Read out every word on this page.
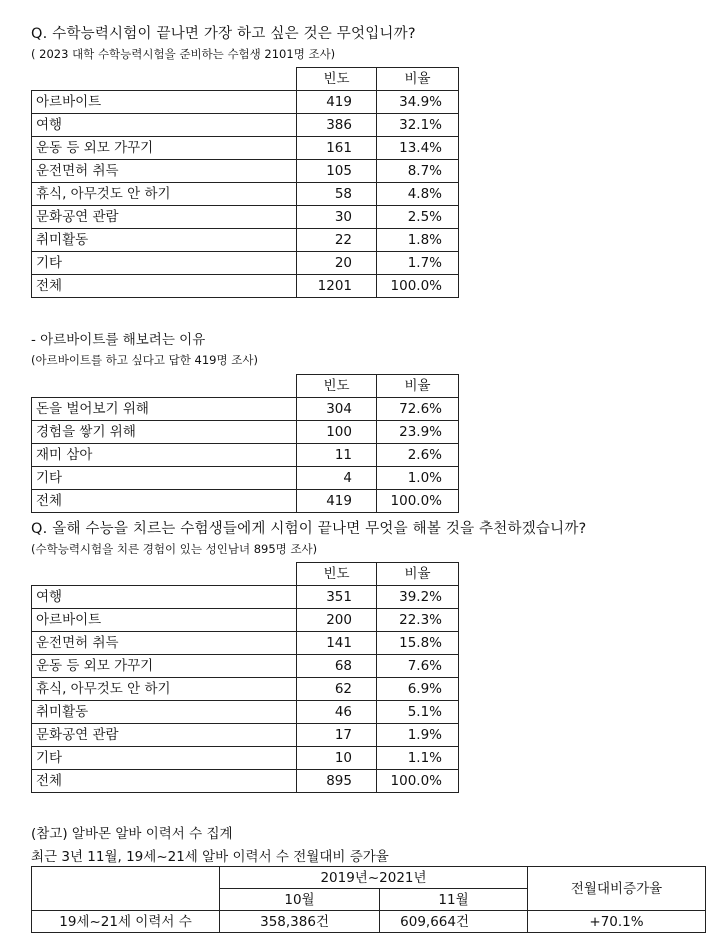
Q. 수학능력시험이 끝나면 가장 하고 싶은 것은 무엇입니까?
( 2023 대학 수학능력시험을 준비하는 수험생 2101명 조사)
	빈도	비율
아르바이트	419	34.9%
여행	386	32.1%
운동 등 외모 가꾸기	161	13.4%
운전면허 취득	105	8.7%
휴식, 아무것도 안 하기	58	4.8%
문화공연 관람	30	2.5%
취미활동	22	1.8%
기타	20	1.7%
전체	1201	100.0%
- 아르바이트를 해보려는 이유
(아르바이트를 하고 싶다고 답한 419명 조사)
	빈도	비율
돈을 벌어보기 위해	304	72.6%
경험을 쌓기 위해	100	23.9%
재미 삼아	11	2.6%
기타	4	1.0%
전체	419	100.0%
Q. 올해 수능을 치르는 수험생들에게 시험이 끝나면 무엇을 해볼 것을 추천하겠습니까?
(수학능력시험을 치른 경험이 있는 성인남녀 895명 조사)
	빈도	비율
여행	351	39.2%
아르바이트	200	22.3%
운전면허 취득	141	15.8%
운동 등 외모 가꾸기	68	7.6%
휴식, 아무것도 안 하기	62	6.9%
취미활동	46	5.1%
문화공연 관람	17	1.9%
기타	10	1.1%
전체	895	100.0%
(참고) 알바몬 알바 이력서 수 집계
최근 3년 11월, 19세~21세 알바 이력서 수 전월대비 증가율
	2019년~2021년		전월대비증가율
	10월	11월	
19세~21세 이력서 수	358,386건	609,664건	+70.1%
